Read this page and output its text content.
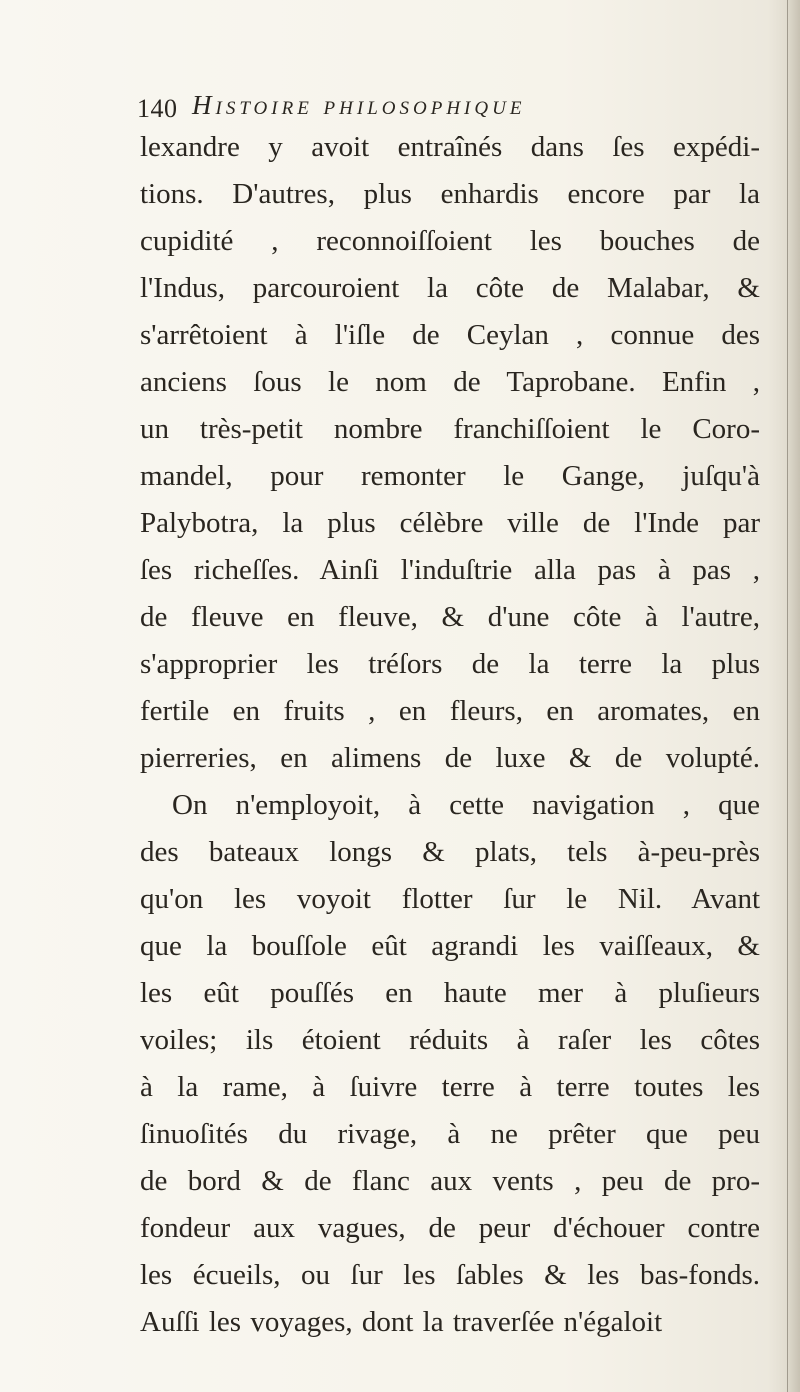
140 Histoire philosophique
lexandre y avoit entraînés dans ſes expédi-
tions. D'autres, plus enhardis encore par la
cupidité , reconnoiſſoient les bouches de
l'Indus, parcouroient la côte de Malabar, &
s'arrêtoient à l'iſle de Ceylan , connue des
anciens ſous le nom de Taprobane. Enfin ,
un très-petit nombre franchiſſoient le Coro-
mandel, pour remonter le Gange, juſqu'à
Palybotra, la plus célèbre ville de l'Inde par
ſes richeſſes. Ainſi l'induſtrie alla pas à pas ,
de fleuve en fleuve, & d'une côte à l'autre,
s'approprier les tréſors de la terre la plus
fertile en fruits , en fleurs, en aromates, en
pierreries, en alimens de luxe & de volupté.
On n'employoit, à cette navigation , que
des bateaux longs & plats, tels à-peu-près
qu'on les voyoit flotter ſur le Nil. Avant
que la bouſſole eût agrandi les vaiſſeaux, &
les eût pouſſés en haute mer à pluſieurs
voiles; ils étoient réduits à raſer les côtes
à la rame, à ſuivre terre à terre toutes les
ſinuoſités du rivage, à ne prêter que peu
de bord & de flanc aux vents , peu de pro-
fondeur aux vagues, de peur d'échouer contre
les écueils, ou ſur les ſables & les bas-fonds.
Auſſi les voyages, dont la traverſée n'égaloit
